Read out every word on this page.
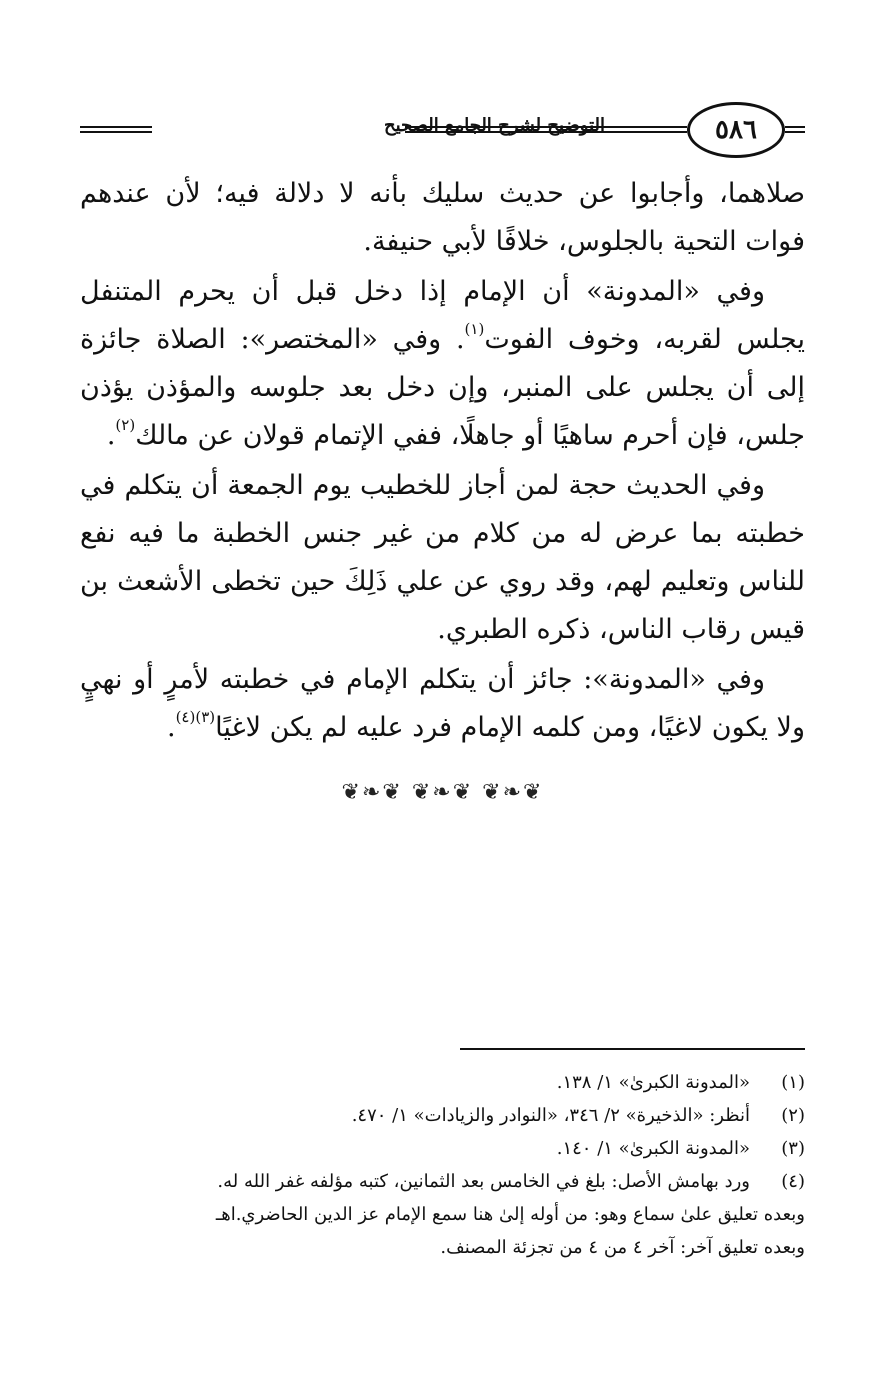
٥٨٦
التوضيح لشرح الجامع الصحيح

صلاهما، وأجابوا عن حديث سليك بأنه لا دلالة فيه؛ لأن عندهم فوات التحية بالجلوس، خلافًا لأبي حنيفة.

وفي «المدونة» أن الإمام إذا دخل قبل أن يحرم المتنفل يجلس لقربه، وخوف الفوت$^{(١)}$. وفي «المختصر»: الصلاة جائزة إلى أن يجلس على المنبر، وإن دخل بعد جلوسه والمؤذن يؤذن جلس، فإن أحرم ساهيًا أو جاهلًا، ففي الإتمام قولان عن مالك$^{(٢)}$.

وفي الحديث حجة لمن أجاز للخطيب يوم الجمعة أن يتكلم في خطبته بما عرض له من كلام من غير جنس الخطبة ما فيه نفع للناس وتعليم لهم، وقد روي عن علي ذَلِكَ حين تخطى الأشعث بن قيس رقاب الناس، ذكره الطبري.

وفي «المدونة»: جائز أن يتكلم الإمام في خطبته لأمرٍ أو نهيٍ ولا يكون لاغيًا، ومن كلمه الإمام فرد عليه لم يكن لاغيًا$^{(٣)(٤)}$.

❦❧❦ ❦❧❦ ❦❧❦
(١)
«المدونة الكبرىٰ» ١/ ١٣٨.
(٢)
أنظر: «الذخيرة» ٢/ ٣٤٦، «النوادر والزيادات» ١/ ٤٧٠.
(٣)
«المدونة الكبرىٰ» ١/ ١٤٠.
(٤)
ورد بهامش الأصل: بلغ في الخامس بعد الثمانين، كتبه مؤلفه غفر الله له.
وبعده تعليق علىٰ سماع وهو: من أوله إلىٰ هنا سمع الإمام عز الدين الحاضري.اهـ
وبعده تعليق آخر: آخر ٤ من ٤ من تجزئة المصنف.
